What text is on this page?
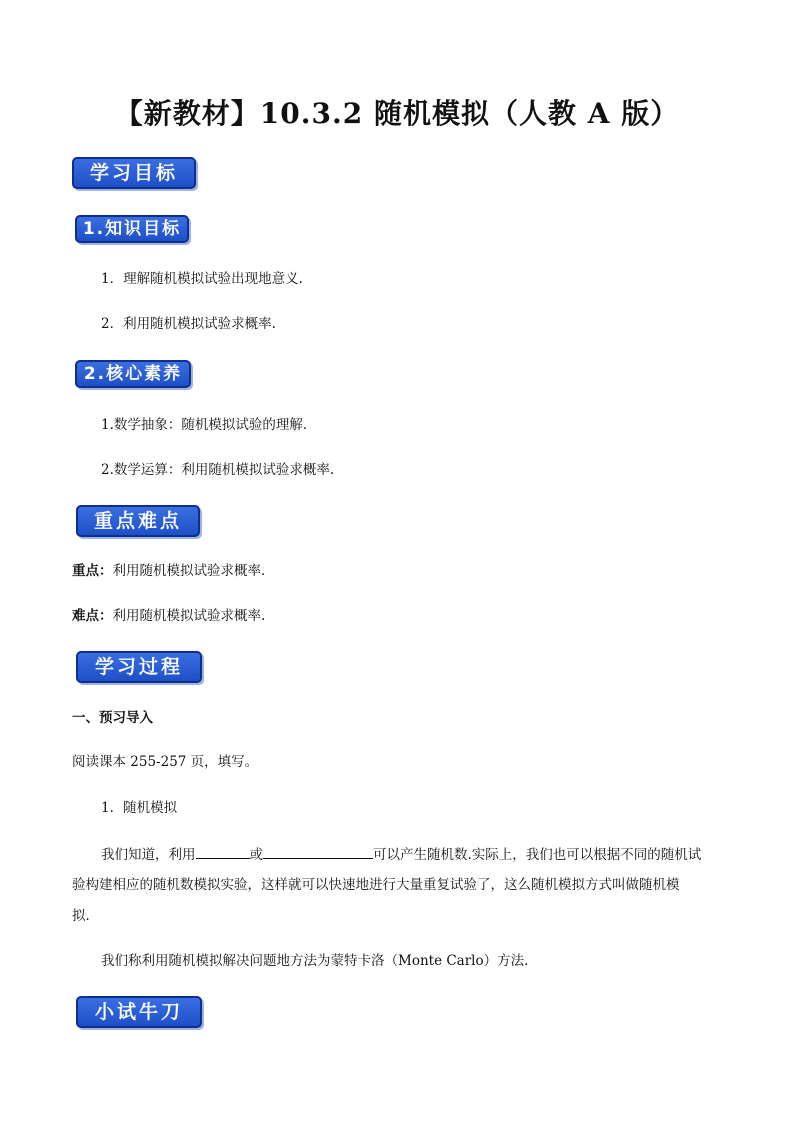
【新教材】10.3.2 随机模拟（人教 A 版）
学习目标
1.知识目标
1．理解随机模拟试验出现地意义.
2．利用随机模拟试验求概率.
2.核心素养
1.数学抽象：随机模拟试验的理解．
2.数学运算：利用随机模拟试验求概率.
重点难点
重点：利用随机模拟试验求概率．
难点：利用随机模拟试验求概率.
学习过程
一、预习导入
阅读课本 255-257 页，填写。
1．随机模拟
我们知道，利用	或	可以产生随机数.实际上，我们也可以根据不同的随机试
验构建相应的随机数模拟实验，这样就可以快速地进行大量重复试验了，这么随机模拟方式叫做随机模
拟．
我们称利用随机模拟解决问题地方法为蒙特卡洛（Monte Carlo）方法.
小试牛刀
